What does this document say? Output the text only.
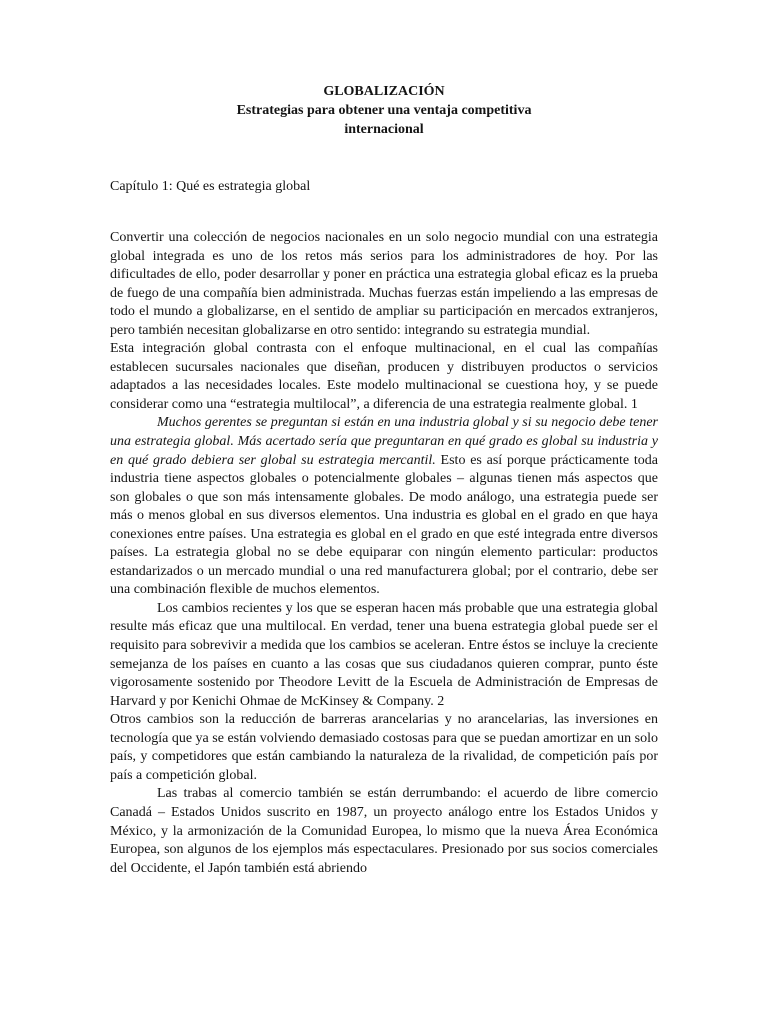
GLOBALIZACIÓN
Estrategias para obtener una ventaja competitiva
internacional
Capítulo 1: Qué es estrategia global

Convertir una colección de negocios nacionales en un solo negocio mundial con una estrategia global integrada es uno de los retos más serios para los administradores de hoy. Por las dificultades de ello, poder desarrollar y poner en práctica una estrategia global eficaz es la prueba de fuego de una compañía bien administrada. Muchas fuerzas están impeliendo a las empresas de todo el mundo a globalizarse, en el sentido de ampliar su participación en mercados extranjeros, pero también necesitan globalizarse en otro sentido: integrando su estrategia mundial.

Esta integración global contrasta con el enfoque multinacional, en el cual las compañías establecen sucursales nacionales que diseñan, producen y distribuyen productos o servicios adaptados a las necesidades locales. Este modelo multinacional se cuestiona hoy, y se puede considerar como una “estrategia multilocal”, a diferencia de una estrategia realmente global. 1

Muchos gerentes se preguntan si están en una industria global y si su negocio debe tener una estrategia global. Más acertado sería que preguntaran en qué grado es global su industria y en qué grado debiera ser global su estrategia mercantil. Esto es así porque prácticamente toda industria tiene aspectos globales o potencialmente globales – algunas tienen más aspectos que son globales o que son más intensamente globales. De modo análogo, una estrategia puede ser más o menos global en sus diversos elementos. Una industria es global en el grado en que haya conexiones entre países. Una estrategia es global en el grado en que esté integrada entre diversos países. La estrategia global no se debe equiparar con ningún elemento particular: productos estandarizados o un mercado mundial o una red manufacturera global; por el contrario, debe ser una combinación flexible de muchos elementos.

Los cambios recientes y los que se esperan hacen más probable que una estrategia global resulte más eficaz que una multilocal. En verdad, tener una buena estrategia global puede ser el requisito para sobrevivir a medida que los cambios se aceleran. Entre éstos se incluye la creciente semejanza de los países en cuanto a las cosas que sus ciudadanos quieren comprar, punto éste vigorosamente sostenido por Theodore Levitt de la Escuela de Administración de Empresas de Harvard y por Kenichi Ohmae de McKinsey & Company. 2

Otros cambios son la reducción de barreras arancelarias y no arancelarias, las inversiones en tecnología que ya se están volviendo demasiado costosas para que se puedan amortizar en un solo país, y competidores que están cambiando la naturaleza de la rivalidad, de competición país por país a competición global.

Las trabas al comercio también se están derrumbando: el acuerdo de libre comercio Canadá – Estados Unidos suscrito en 1987, un proyecto análogo entre los Estados Unidos y México, y la armonización de la Comunidad Europea, lo mismo que la nueva Área Económica Europea, son algunos de los ejemplos más espectaculares. Presionado por sus socios comerciales del Occidente, el Japón también está abriendo
